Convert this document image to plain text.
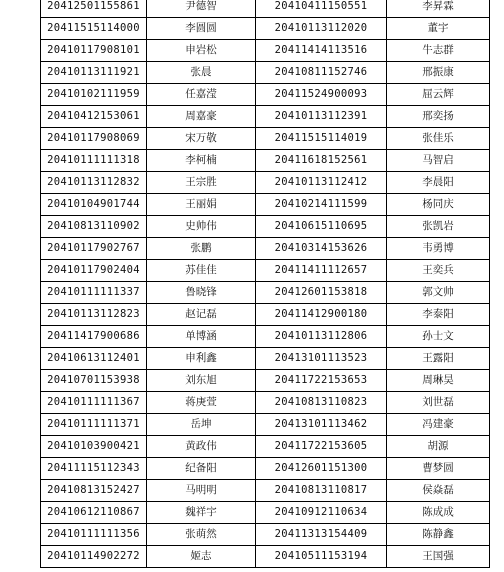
20412501155861	尹德智	20410411150551	李昇霖
20411515114000	李圆圆	20410113112020	董宇
20410117908101	申岩松	20411414113516	牛志群
20410113111921	张晨	20410811152746	邢振康
20410102111959	任嘉滢	20411524900093	屈云辉
20410412153061	周嘉豪	20410113112391	邢奕扬
20410117908069	宋万敬	20411515114019	张佳乐
20410111111318	李柯楠	20411618152561	马智启
20410113112832	王宗胜	20410113112412	李晨阳
20410104901744	王丽娟	20410214111599	杨同庆
20410813110902	史帅伟	20410615110695	张凯岩
20410117902767	张鹏	20410314153626	韦勇博
20410117902404	苏佳佳	20411411112657	王奕兵
20410111111337	鲁晓锋	20412601153818	郭文帅
20410113112823	赵记磊	20411412900180	李泰阳
20411417900686	单博涵	20410113112806	孙士文
20410613112401	申利鑫	20413101113523	王露阳
20410701153938	刘东旭	20411722153653	周琳昊
20410111111367	蒋庚萱	20410813110823	刘世磊
20410111111371	岳坤	20413101113462	冯建豪
20410103900421	黄政伟	20411722153605	胡源
20411115112343	纪备阳	20412601151300	曹梦圆
20410813152427	马明明	20410813110817	侯焱磊
20410612110867	魏祥宇	20410912110634	陈成成
20410111111356	张萌然	20411313154409	陈静鑫
20410114902272	姬志	20410511153194	王国强
